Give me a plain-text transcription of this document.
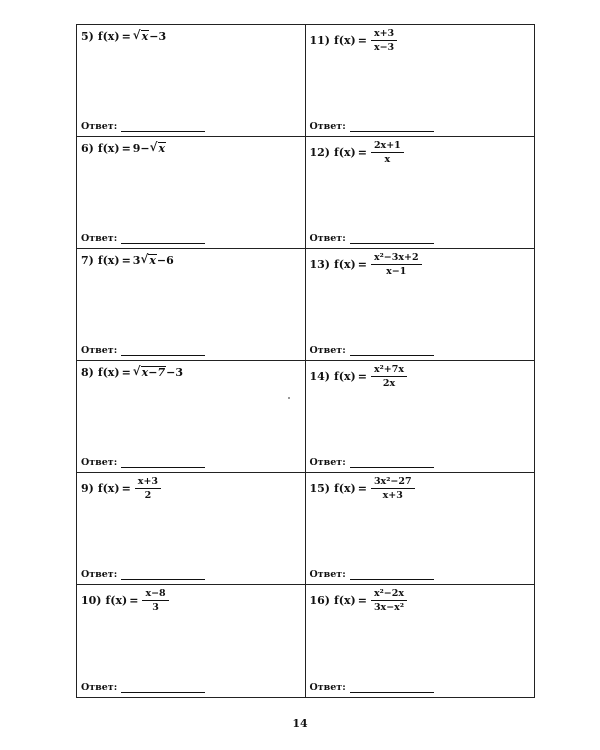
5) f(x) = √ x −3
Ответ:
11) $f(x) = \frac{x+3}{x-3}$
Ответ:
6) f(x) = 9− √ x
Ответ:
12) $f(x) = \frac{2x+1}{x}$
Ответ:
7) f(x) = 3 √ x −6
Ответ:
13) $f(x) = \frac{\text{x²−3x+2}}{x-1}$
Ответ:
8) f(x) = √ x−7 −3
Ответ:
14) $f(x) = \frac{\text{x²+7x}}{2x}$
Ответ:
9) $f(x) = \frac{x+3}{2}$
Ответ:
15) $f(x) = \frac{\text{3x²−27}}{x+3}$
Ответ:
10) $f(x) = \frac{x-8}{3}$
Ответ:
16) $f(x) = \frac{\text{x²−2x}}{\text{3x−x²}}$
Ответ:
14
